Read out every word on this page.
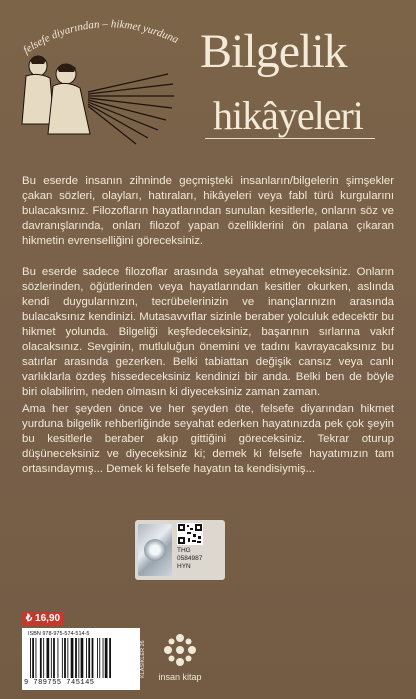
felsefe diyarından – hikmet yurduna Bilgelik
hikâyeleri

Bu eserde insanın zihninde geçmişteki insanların/bilgelerin şimşekler çakan sözleri, olayları, hatıraları, hikâyeleri veya fabl türü kurgularını bulacaksınız. Filozofların hayatlarından sunulan kesitlerle, onların söz ve davranışlarında, onları filozof yapan özelliklerini ön palana çıkaran hikmetin evrenselliğini göreceksiniz.

Bu eserde sadece filozoflar arasında seyahat etmeyeceksiniz. Onların sözlerinden, öğütlerinden veya hayatlarından kesitler okurken, aslında kendi duygularınızın, tecrübelerinizin ve inançlarınızın arasında bulacaksınız kendinizi. Mutasavvıflar sizinle beraber yolculuk edecektir bu hikmet yolunda. Bilgeliği keşfedeceksiniz, başarının sırlarına vakıf olacaksınız. Sevginin, mutluluğun önemini ve tadını kavrayacaksınız bu satırlar arasında gezerken. Belki tabiattan değişik cansız veya canlı varlıklarla özdeş hissedeceksiniz kendinizi bir anda. Belki ben de böyle biri olabilirim, neden olmasın ki diyeceksiniz zaman zaman.

Ama her şeyden önce ve her şeyden öte, felsefe diyarından hikmet yurduna bilgelik rehberliğinde seyahat ederken hayatınızda pek çok şeyin bu kesitlerle beraber akıp gittiğini göreceksiniz. Tekrar oturup düşüneceksiniz ve diyeceksiniz ki; demek ki felsefe hayatımızın tam ortasındaymış... Demek ki felsefe hayatın ta kendisiymiş...

THG
0584987
HYN
₺ 16,90
ISBN 978-975-574-514-5
9 789755 745145
KLASİKLER 26	insan kitap
